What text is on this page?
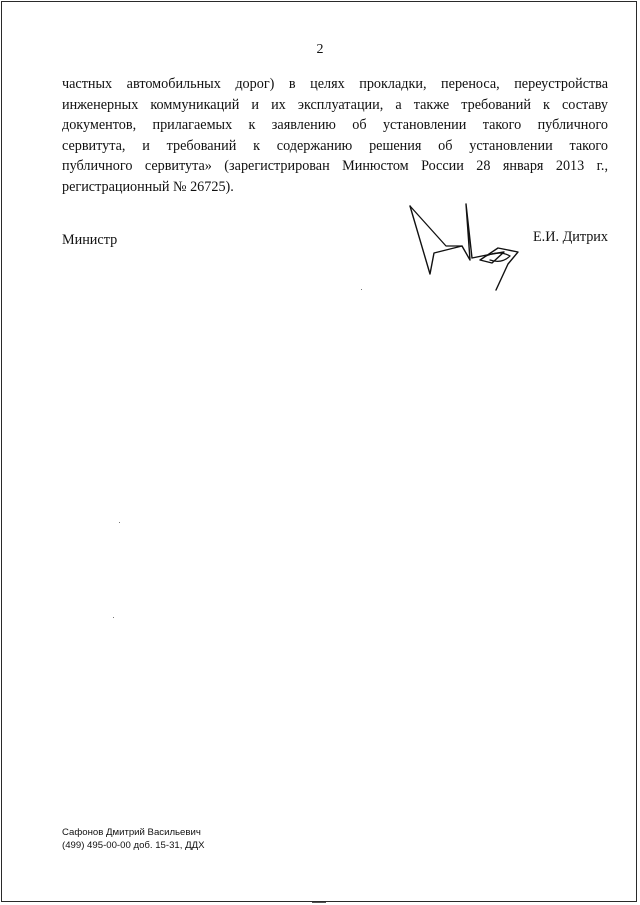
2
частных автомобильных дорог) в целях прокладки, переноса, переустройства
инженерных коммуникаций и их эксплуатации, а также требований к составу
документов, прилагаемых к заявлению об установлении такого публичного
сервитута, и требований к содержанию решения об установлении такого
публичного сервитута» (зарегистрирован Минюстом России 28 января 2013 г.,
регистрационный № 26725).
Министр	Е.И. Дитрих
Сафонов Дмитрий Васильевич
(499) 495-00-00 доб. 15-31, ДДХ
